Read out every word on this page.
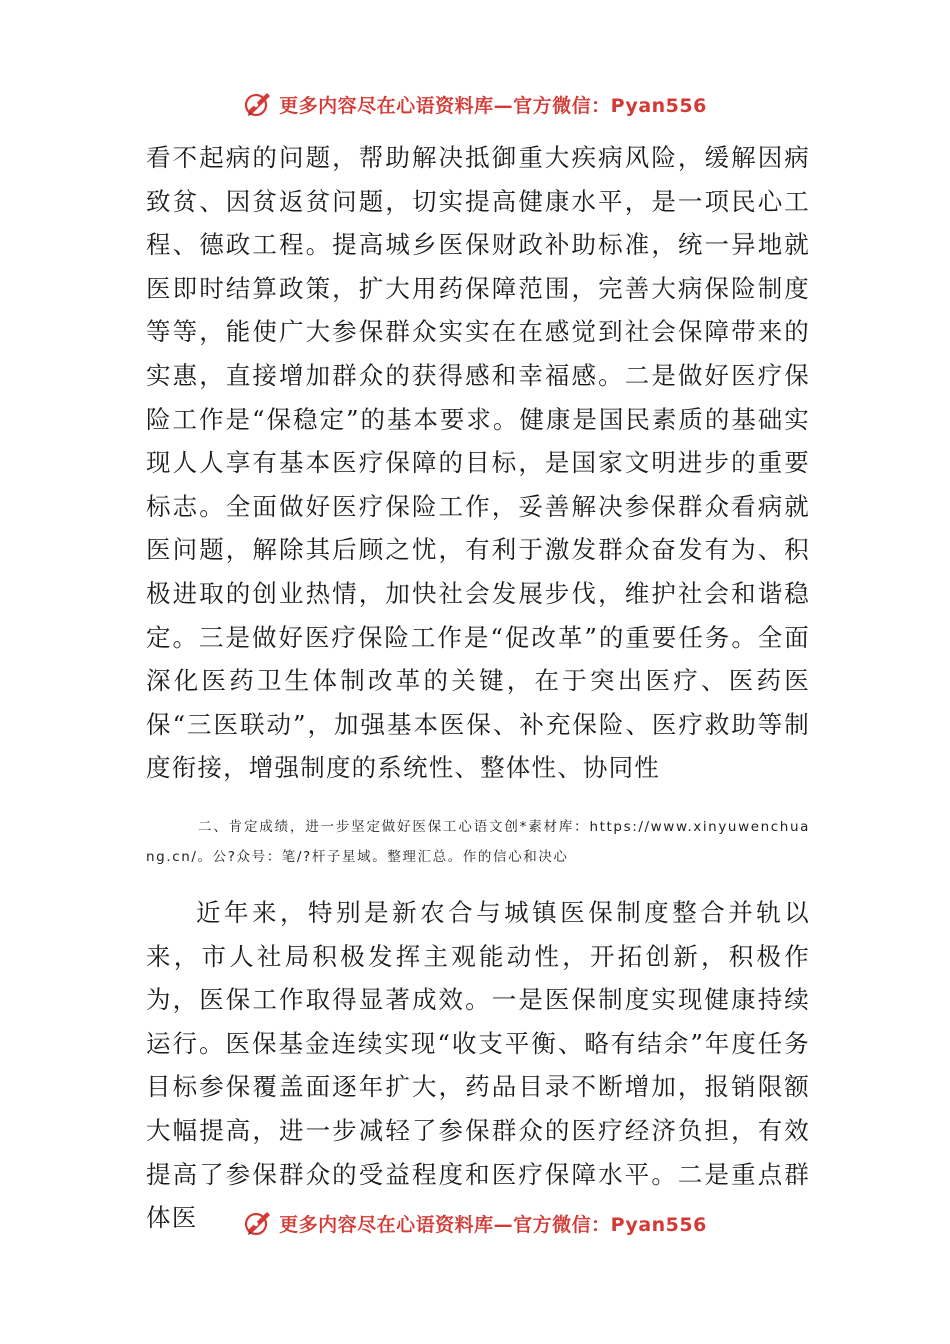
更多内容尽在心语资料库—官方微信：Pyan556
看不起病的问题，帮助解决抵御重大疾病风险，缓解因病致贫、因贫返贫问题，切实提高健康水平，是一项民心工程、德政工程。提高城乡医保财政补助标准，统一异地就医即时结算政策，扩大用药保障范围，完善大病保险制度等等，能使广大参保群众实实在在感觉到社会保障带来的实惠，直接增加群众的获得感和幸福感。二是做好医疗保险工作是“保稳定”的基本要求。健康是国民素质的基础实现人人享有基本医疗保障的目标，是国家文明进步的重要标志。全面做好医疗保险工作，妥善解决参保群众看病就医问题，解除其后顾之忧，有利于激发群众奋发有为、积极进取的创业热情，加快社会发展步伐，维护社会和谐稳定。三是做好医疗保险工作是“促改革”的重要任务。全面深化医药卫生体制改革的关键，在于突出医疗、医药医保“三医联动”，加强基本医保、补充保险、医疗救助等制度衔接，增强制度的系统性、整体性、协同性
二、肯定成绩，进一步坚定做好医保工心语文创*素材库：https://www.xinyuwenchuang.cn/。公?众号：笔/?杆子星域。整理汇总。作的信心和决心
近年来，特别是新农合与城镇医保制度整合并轨以来，市人社局积极发挥主观能动性，开拓创新，积极作为，医保工作取得显著成效。一是医保制度实现健康持续运行。医保基金连续实现“收支平衡、略有结余”年度任务目标参保覆盖面逐年扩大，药品目录不断增加，报销限额大幅提高，进一步减轻了参保群众的医疗经济负担，有效提高了参保群众的受益程度和医疗保障水平。二是重点群体医	更多内容尽在心语资料库—官方微信：Pyan556
